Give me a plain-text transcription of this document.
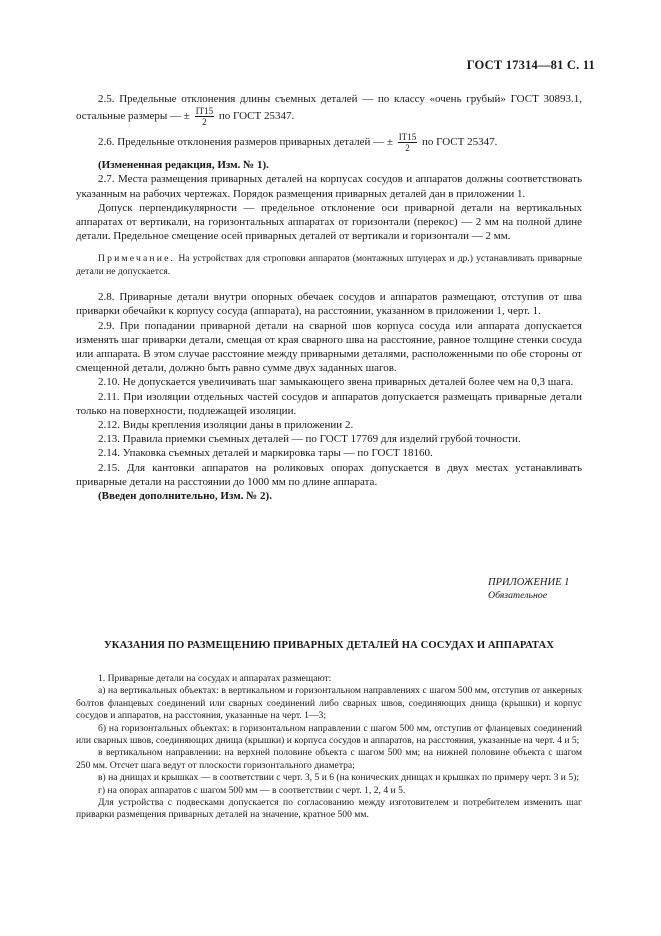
ГОСТ 17314—81 С. 11

2.5. Предельные отклонения длины съемных деталей — по классу «очень грубый» ГОСТ 30893.1, остальные размеры — ± $\frac{IT15}{2}$ по ГОСТ 25347.

2.6. Предельные отклонения размеров приварных деталей — ± $\frac{IT15}{2}$ по ГОСТ 25347.

(Измененная редакция, Изм. № 1).

2.7. Места размещения приварных деталей на корпусах сосудов и аппаратов должны соответствовать указанным на рабочих чертежах. Порядок размещения приварных деталей дан в приложении 1.

Допуск перпендикулярности — предельное отклонение оси приварной детали на вертикальных аппаратах от вертикали, на горизонтальных аппаратах от горизонтали (перекос) — 2 мм на полной длине детали. Предельное смещение осей приварных деталей от вертикали и горизонтали — 2 мм.

Примечание. На устройствах для строповки аппаратов (монтажных штуцерах и др.) устанавливать приварные детали не допускается.

2.8. Приварные детали внутри опорных обечаек сосудов и аппаратов размещают, отступив от шва приварки обечайки к корпусу сосуда (аппарата), на расстоянии, указанном в приложении 1, черт. 1.

2.9. При попадании приварной детали на сварной шов корпуса сосуда или аппарата допускается изменять шаг приварки детали, смещая от края сварного шва на расстояние, равное толщине стенки сосуда или аппарата. В этом случае расстояние между приварными деталями, расположенными по обе стороны от смещенной детали, должно быть равно сумме двух заданных шагов.

2.10. Не допускается увеличивать шаг замыкающего звена приварных деталей более чем на 0,3 шага.

2.11. При изоляции отдельных частей сосудов и аппаратов допускается размещать приварные детали только на поверхности, подлежащей изоляции.

2.12. Виды крепления изоляции даны в приложении 2.

2.13. Правила приемки съемных деталей — по ГОСТ 17769 для изделий грубой точности.

2.14. Упаковка съемных деталей и маркировка тары — по ГОСТ 18160.

2.15. Для кантовки аппаратов на роликовых опорах допускается в двух местах устанавливать приварные детали на расстоянии до 1000 мм по длине аппарата.

(Введен дополнительно, Изм. № 2).

ПРИЛОЖЕНИЕ 1
Обязательное
УКАЗАНИЯ ПО РАЗМЕЩЕНИЮ ПРИВАРНЫХ ДЕТАЛЕЙ НА СОСУДАХ И АППАРАТАХ

1. Приварные детали на сосудах и аппаратах размещают:

а) на вертикальных объектах: в вертикальном и горизонтальном направлениях с шагом 500 мм, отступив от анкерных болтов фланцевых соединений или сварных соединений либо сварных швов, соединяющих днища (крышки) и корпус сосудов и аппаратов, на расстояния, указанные на черт. 1—3;

б) на горизонтальных объектах: в горизонтальном направлении с шагом 500 мм, отступив от фланцевых соединений или сварных швов, соединяющих днища (крышки) и корпуса сосудов и аппаратов, на расстояния, указанные на черт. 4 и 5;

в вертикальном направлении: на верхней половине объекта с шагом 500 мм; на нижней половине объекта с шагом 250 мм. Отсчет шага ведут от плоскости горизонтального диаметра;

в) на днищах и крышках — в соответствии с черт. 3, 5 и 6 (на конических днищах и крышках по примеру черт. 3 и 5);

г) на опорах аппаратов с шагом 500 мм — в соответствии с черт. 1, 2, 4 и 5.

Для устройства с подвесками допускается по согласованию между изготовителем и потребителем изменить шаг приварки размещения приварных деталей на значение, кратное 500 мм.
